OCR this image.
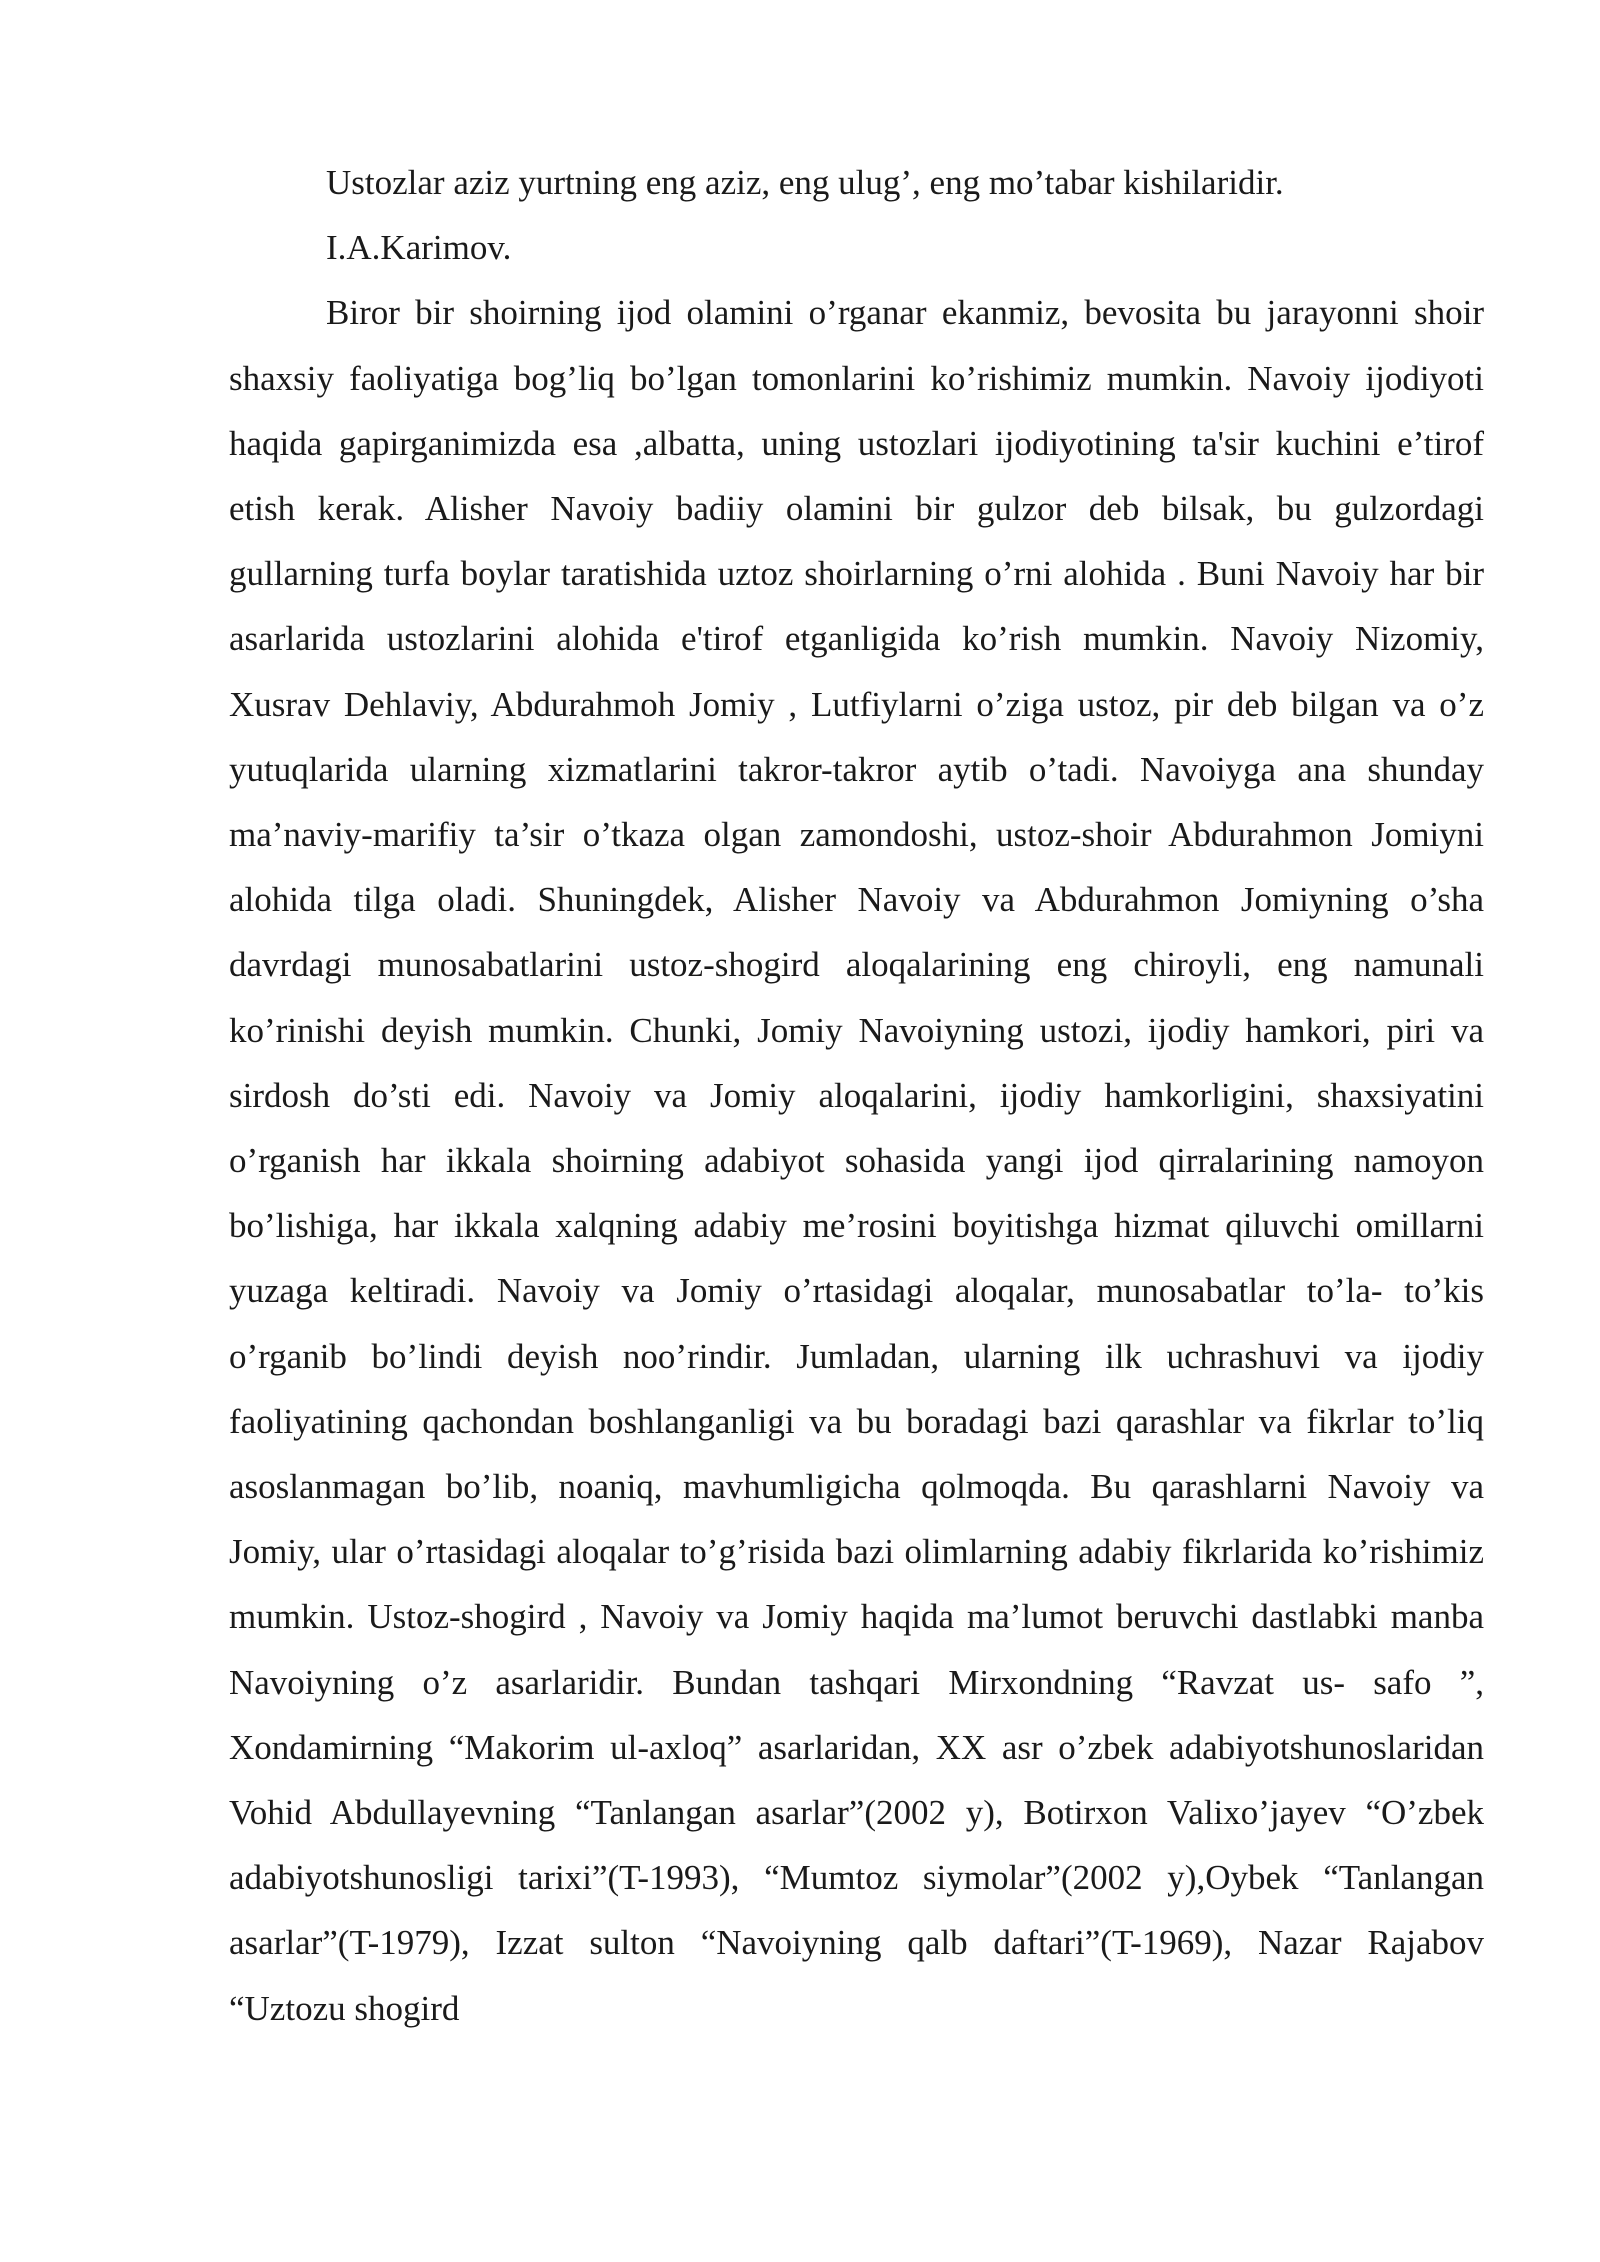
Ustozlar aziz yurtning eng aziz, eng ulug’, eng mo’tabar kishilaridir.

I.A.Karimov.

Biror bir shoirning ijod olamini o’rganar ekanmiz, bevosita bu jarayonni shoir shaxsiy faoliyatiga bog’liq bo’lgan tomonlarini ko’rishimiz mumkin. Navoiy ijodiyoti haqida gapirganimizda esa ,albatta, uning ustozlari ijodiyotining ta'sir kuchini e’tirof etish kerak. Alisher Navoiy badiiy olamini bir gulzor deb bilsak, bu gulzordagi gullarning turfa boylar taratishida uztoz shoirlarning o’rni alohida . Buni Navoiy har bir asarlarida ustozlarini alohida e'tirof etganligida ko’rish mumkin. Navoiy Nizomiy, Xusrav Dehlaviy, Abdurahmoh Jomiy , Lutfiylarni o’ziga ustoz, pir deb bilgan va o’z yutuqlarida ularning xizmatlarini takror-takror aytib o’tadi. Navoiyga ana shunday ma’naviy-marifiy ta’sir o’tkaza olgan zamondoshi, ustoz-shoir Abdurahmon Jomiyni alohida tilga oladi. Shuningdek, Alisher Navoiy va Abdurahmon Jomiyning o’sha davrdagi munosabatlarini ustoz-shogird aloqalarining eng chiroyli, eng namunali ko’rinishi deyish mumkin. Chunki, Jomiy Navoiyning ustozi, ijodiy hamkori, piri va sirdosh do’sti edi. Navoiy va Jomiy aloqalarini, ijodiy hamkorligini, shaxsiyatini o’rganish har ikkala shoirning adabiyot sohasida yangi ijod qirralarining namoyon bo’lishiga, har ikkala xalqning adabiy me’rosini boyitishga hizmat qiluvchi omillarni yuzaga keltiradi. Navoiy va Jomiy o’rtasidagi aloqalar, munosabatlar to’la- to’kis o’rganib bo’lindi deyish noo’rindir. Jumladan, ularning ilk uchrashuvi va ijodiy faoliyatining qachondan boshlanganligi va bu boradagi bazi qarashlar va fikrlar to’liq asoslanmagan bo’lib, noaniq, mavhumligicha qolmoqda. Bu qarashlarni Navoiy va Jomiy, ular o’rtasidagi aloqalar to’g’risida bazi olimlarning adabiy fikrlarida ko’rishimiz mumkin. Ustoz-shogird , Navoiy va Jomiy haqida ma’lumot beruvchi dastlabki manba Navoiyning o’z asarlaridir. Bundan tashqari Mirxondning “Ravzat us- safo ”, Xondamirning “Makorim ul-axloq” asarlaridan, XX asr o’zbek adabiyotshunoslaridan Vohid Abdullayevning “Tanlangan asarlar”(2002 y), Botirxon Valixo’jayev “O’zbek adabiyotshunosligi tarixi”(T-1993), “Mumtoz siymolar”(2002 y),Oybek “Tanlangan asarlar”(T-1979), Izzat sulton “Navoiyning qalb daftari”(T-1969), Nazar Rajabov “Uztozu shogird
